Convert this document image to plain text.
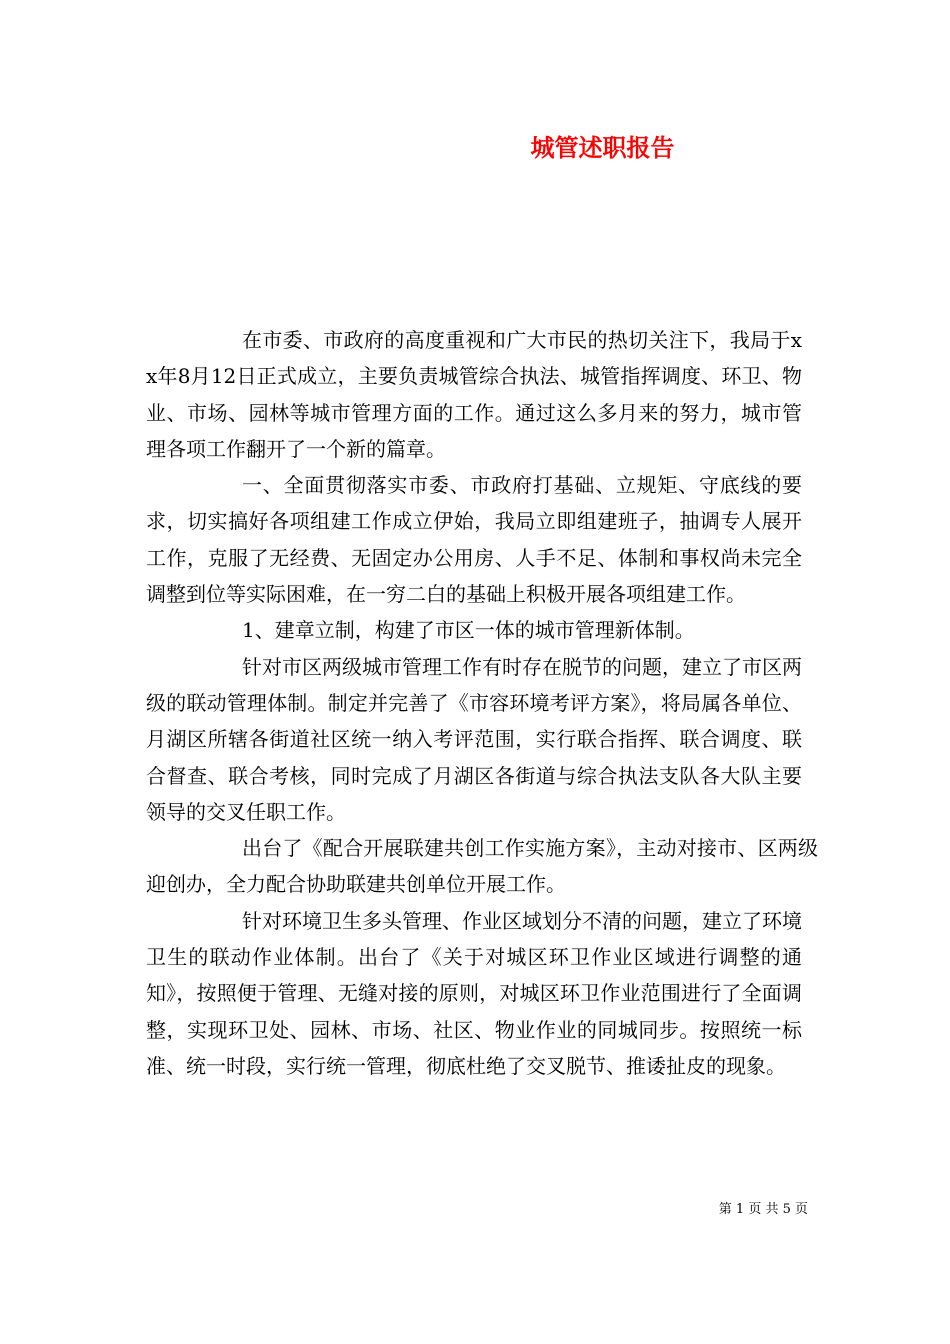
城管述职报告

在市委、市政府的高度重视和广大市民的热切关注下，我局于xx年8月12日正式成立，主要负责城管综合执法、城管指挥调度、环卫、物业、市场、园林等城市管理方面的工作。通过这么多月来的努力，城市管理各项工作翻开了一个新的篇章。

一、全面贯彻落实市委、市政府打基础、立规矩、守底线的要求，切实搞好各项组建工作成立伊始，我局立即组建班子，抽调专人展开工作，克服了无经费、无固定办公用房、人手不足、体制和事权尚未完全调整到位等实际困难，在一穷二白的基础上积极开展各项组建工作。

1、建章立制，构建了市区一体的城市管理新体制。

针对市区两级城市管理工作有时存在脱节的问题，建立了市区两级的联动管理体制。制定并完善了《市容环境考评方案》，将局属各单位、月湖区所辖各街道社区统一纳入考评范围，实行联合指挥、联合调度、联合督查、联合考核，同时完成了月湖区各街道与综合执法支队各大队主要领导的交叉任职工作。

出台了《配合开展联建共创工作实施方案》，主动对接市、区两级迎创办，全力配合协助联建共创单位开展工作。

针对环境卫生多头管理、作业区域划分不清的问题，建立了环境卫生的联动作业体制。出台了《关于对城区环卫作业区域进行调整的通知》，按照便于管理、无缝对接的原则，对城区环卫作业范围进行了全面调整，实现环卫处、园林、市场、社区、物业作业的同城同步。按照统一标准、统一时段，实行统一管理，彻底杜绝了交叉脱节、推诿扯皮的现象。

第 1 页 共 5 页
